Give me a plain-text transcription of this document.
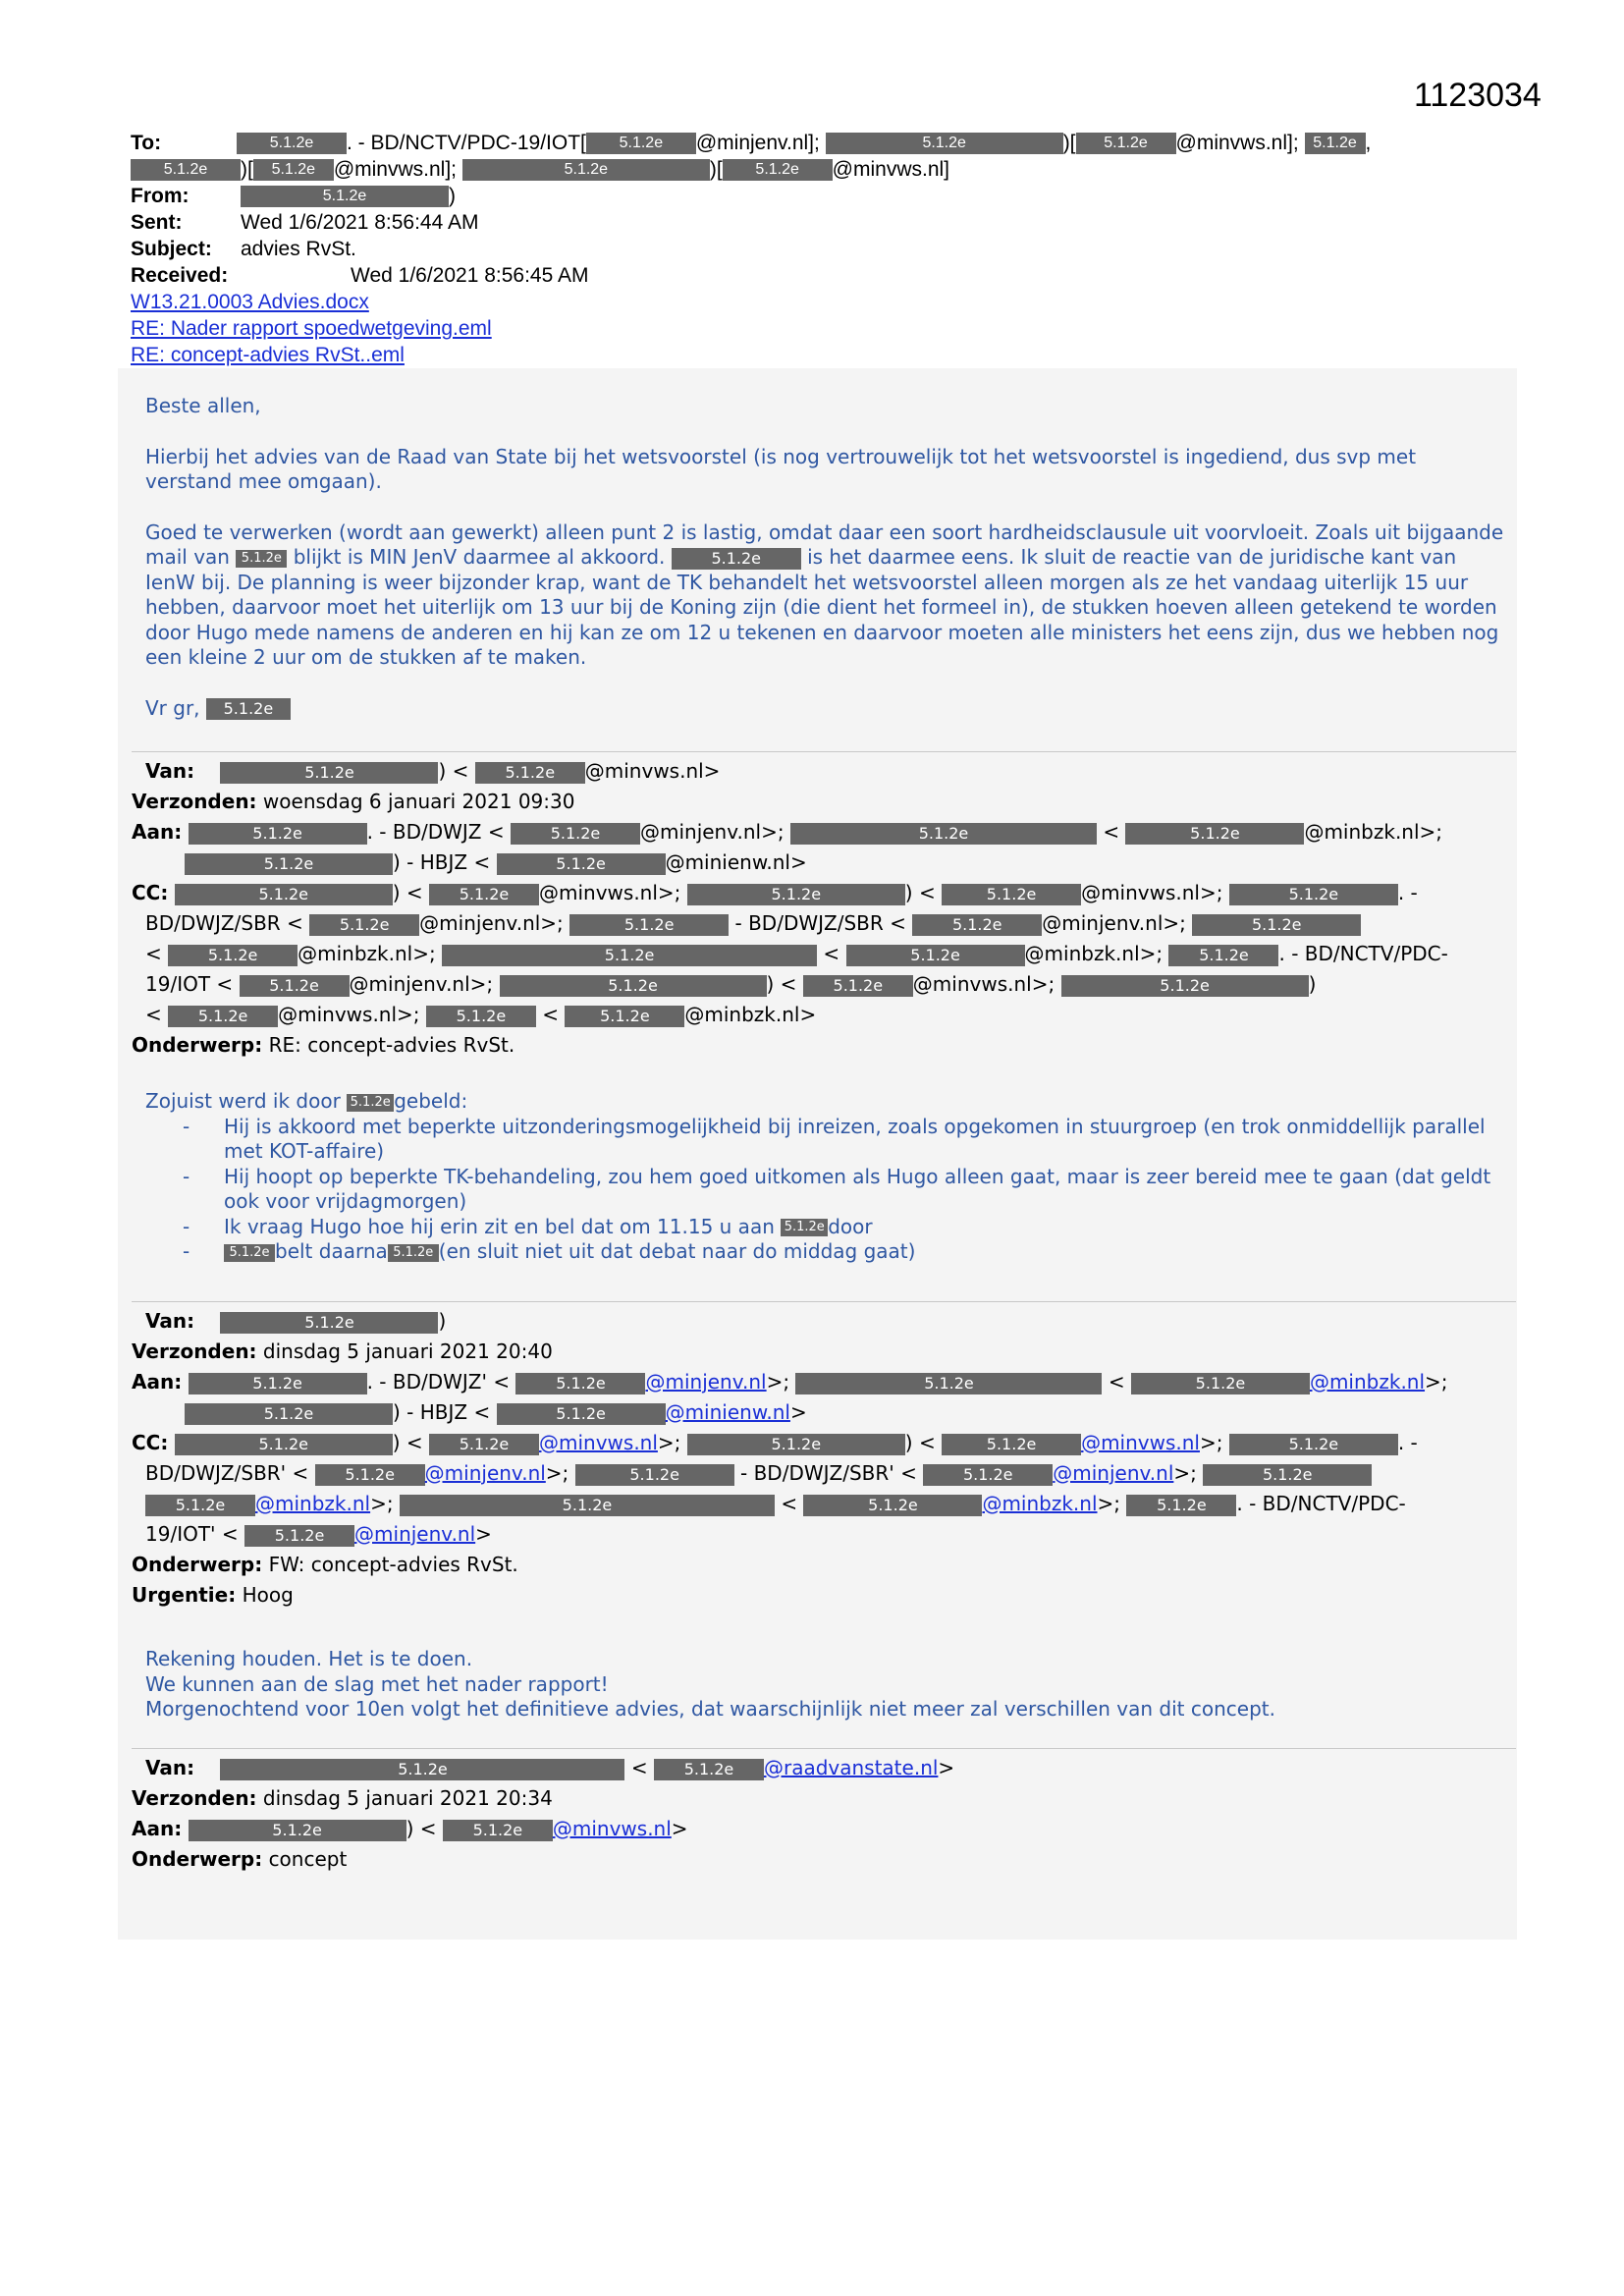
1123034
To:	5.1.2e . - BD/NCTV/PDC-19/IOT[ 5.1.2e @minjenv.nl];	5.1.2e	)[ 5.1.2e @minvws.nl]; 5.1.2e ,
5.1.2e )[ 5.1.2e @minvws.nl];	5.1.2e	)[ 5.1.2e @minvws.nl]
From:	5.1.2e	)
Sent:	Wed 1/6/2021 8:56:44 AM
Subject: advies RvSt.
Received:	Wed 1/6/2021 8:56:45 AM
W13.21.0003 Advies.docx
RE: Nader rapport spoedwetgeving.eml
RE: concept-advies RvSt..eml
Beste allen,
Hierbij het advies van de Raad van State bij het wetsvoorstel (is nog vertrouwelijk tot het wetsvoorstel is ingediend, dus svp met verstand mee omgaan).
Goed te verwerken (wordt aan gewerkt) alleen punt 2 is lastig, omdat daar een soort hardheidsclausule uit voorvloeit. Zoals uit bijgaande mail van 5.1.2e blijkt is MIN JenV daarmee al akkoord.	5.1.2e is het daarmee eens. Ik sluit de reactie van de juridische kant van IenW bij. De planning is weer bijzonder krap, want de TK behandelt het wetsvoorstel alleen morgen als ze het vandaag uiterlijk 15 uur hebben, daarvoor moet het uiterlijk om 13 uur bij de Koning zijn (die dient het formeel in), de stukken hoeven alleen getekend te worden door Hugo mede namens de anderen en hij kan ze om 12 u tekenen en daarvoor moeten alle ministers het eens zijn, dus we hebben nog een kleine 2 uur om de stukken af te maken.
Vr gr, 5.1.2e
Van:	5.1.2e	) < 5.1.2e @minvws.nl>
Verzonden: woensdag 6 januari 2021 09:30
Aan:	5.1.2e	. - BD/DWJZ <	5.1.2e @minjenv.nl>;	5.1.2e	<	5.1.2e	@minbzk.nl>;
5.1.2e	) - HBJZ <	5.1.2e	@minienw.nl>
CC:	5.1.2e	) < 5.1.2e @minvws.nl>;	5.1.2e	) <	5.1.2e @minvws.nl>;	5.1.2e	. -
BD/DWJZ/SBR < 5.1.2e @minjenv.nl>;	5.1.2e	- BD/DWJZ/SBR <	5.1.2e @minjenv.nl>;	5.1.2e
<	5.1.2e @minbzk.nl>;	5.1.2e	<	5.1.2e	@minbzk.nl>; 5.1.2e . - BD/NCTV/PDC-
19/IOT < 5.1.2e @minjenv.nl>;	5.1.2e	) < 5.1.2e @minvws.nl>;	5.1.2e	)
< 5.1.2e @minvws.nl>; 5.1.2e <	5.1.2e @minbzk.nl>
Onderwerp: RE: concept-advies RvSt.
Zojuist werd ik door 5.1.2e gebeld:
- Hij is akkoord met beperkte uitzonderingsmogelijkheid bij inreizen, zoals opgekomen in stuurgroep (en trok onmiddellijk parallel met KOT-affaire)
- Hij hoopt op beperkte TK-behandeling, zou hem goed uitkomen als Hugo alleen gaat, maar is zeer bereid mee te gaan (dat geldt ook voor vrijdagmorgen)
- Ik vraag Hugo hoe hij erin zit en bel dat om 11.15 u aan 5.1.2e door
- 5.1.2e belt daarna 5.1.2e (en sluit niet uit dat debat naar do middag gaat)
Van:	5.1.2e	)
Verzonden: dinsdag 5 januari 2021 20:40
Aan:	5.1.2e	. - BD/DWJZ' <	5.1.2e @minjenv.nl>;	5.1.2e	<	5.1.2e	@minbzk.nl>;
5.1.2e	) - HBJZ <	5.1.2e	@minienw.nl>
CC:	5.1.2e	) < 5.1.2e @minvws.nl>;	5.1.2e	) <	5.1.2e @minvws.nl>;	5.1.2e	. -
BD/DWJZ/SBR' < 5.1.2e @minjenv.nl>;	5.1.2e	- BD/DWJZ/SBR' <	5.1.2e @minjenv.nl>;	5.1.2e
5.1.2e @minbzk.nl>;	5.1.2e	<	5.1.2e	@minbzk.nl>; 5.1.2e . - BD/NCTV/PDC-
19/IOT' < 5.1.2e @minjenv.nl>
Onderwerp: FW: concept-advies RvSt.
Urgentie: Hoog
Rekening houden. Het is te doen.
We kunnen aan de slag met het nader rapport!
Morgenochtend voor 10en volgt het definitieve advies, dat waarschijnlijk niet meer zal verschillen van dit concept.
Van:	5.1.2e	< 5.1.2e @raadvanstate.nl>
Verzonden: dinsdag 5 januari 2021 20:34
Aan:	5.1.2e	) < 5.1.2e @minvws.nl>
Onderwerp: concept
